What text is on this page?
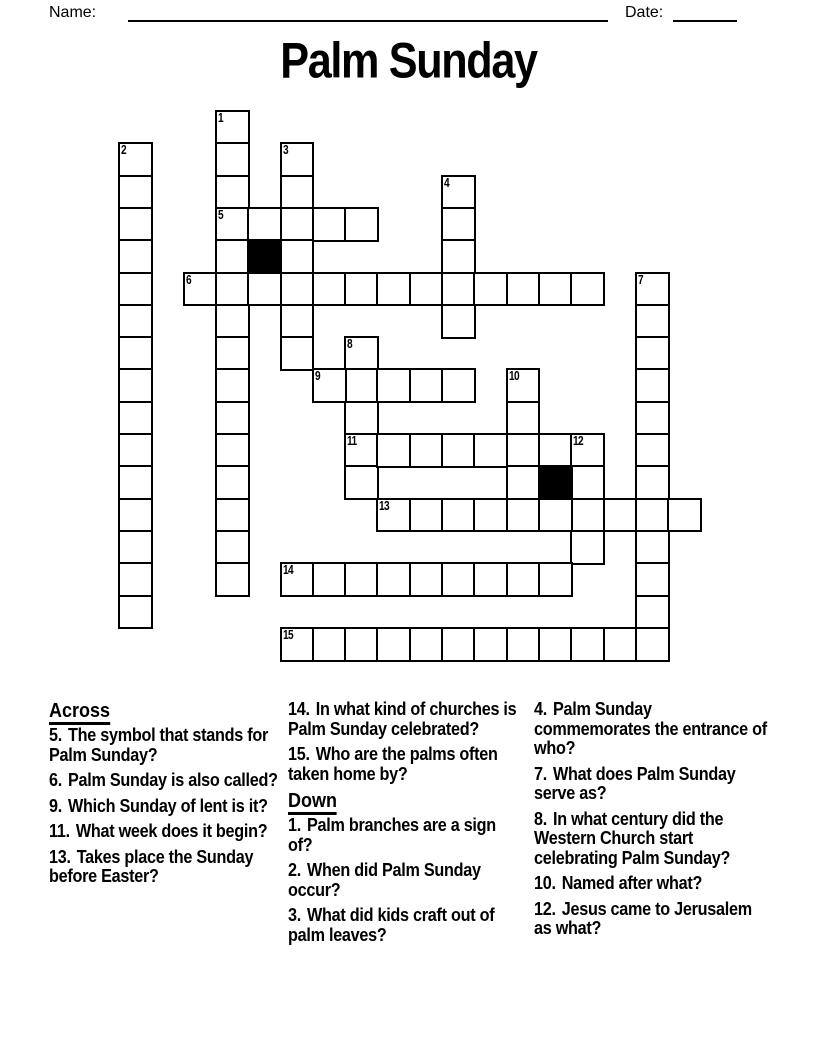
Name:	Date:
Palm Sunday
1
5
2	3
4
6	7
8
11
9	10
12
13
14
15
Across
5. The symbol that stands for Palm Sunday?
6. Palm Sunday is also called?
9. Which Sunday of lent is it?
11. What week does it begin?
13. Takes place the Sunday before Easter?
14. In what kind of churches is Palm Sunday celebrated?
15. Who are the palms often taken home by?
Down
1. Palm branches are a sign of?
2. When did Palm Sunday occur?
3. What did kids craft out of palm leaves?
4. Palm Sunday commemorates the entrance of who?
7. What does Palm Sunday serve as?
8. In what century did the Western Church start celebrating Palm Sunday?
10. Named after what?
12. Jesus came to Jerusalem as what?
